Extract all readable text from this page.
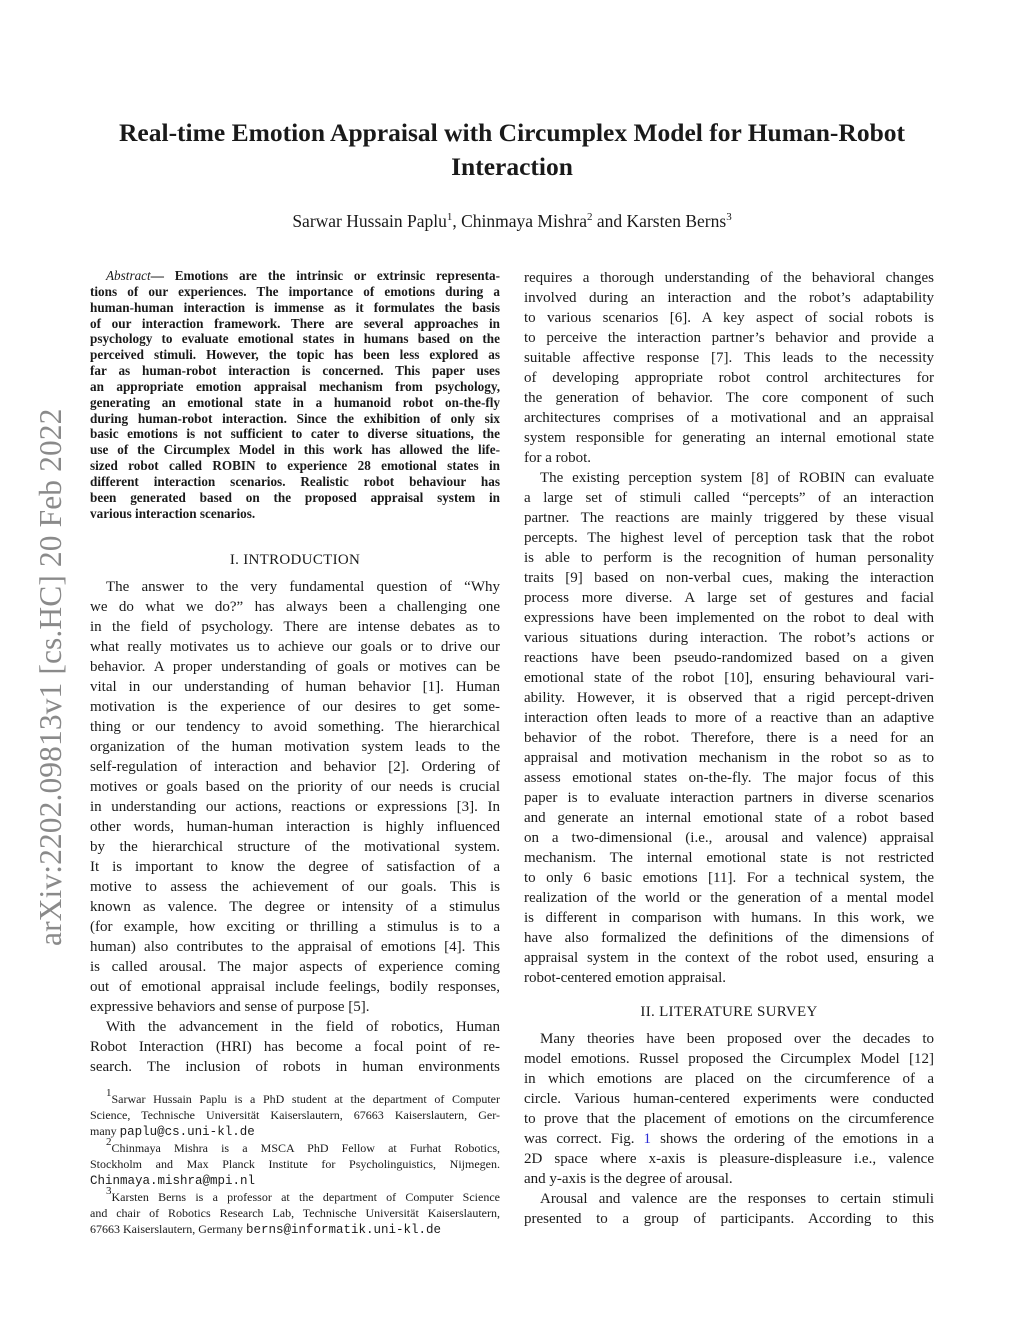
Real-time Emotion Appraisal with Circumplex Model for Human-Robot
Interaction
Sarwar Hussain Paplu$^1$, Chinmaya Mishra$^2$ and Karsten Berns$^3$
arXiv:2202.09813v1 [cs.HC] 20 Feb 2022
Abstract— Emotions are the intrinsic or extrinsic representa-
tions of our experiences. The importance of emotions during a
human-human interaction is immense as it formulates the basis
of our interaction framework. There are several approaches in
psychology to evaluate emotional states in humans based on the
perceived stimuli. However, the topic has been less explored as
far as human-robot interaction is concerned. This paper uses
an appropriate emotion appraisal mechanism from psychology,
generating an emotional state in a humanoid robot on-the-fly
during human-robot interaction. Since the exhibition of only six
basic emotions is not sufficient to cater to diverse situations, the
use of the Circumplex Model in this work has allowed the life-
sized robot called ROBIN to experience 28 emotional states in
different interaction scenarios. Realistic robot behaviour has
been generated based on the proposed appraisal system in
various interaction scenarios.
I. INTRODUCTION
The answer to the very fundamental question of “Why
we do what we do?” has always been a challenging one
in the field of psychology. There are intense debates as to
what really motivates us to achieve our goals or to drive our
behavior. A proper understanding of goals or motives can be
vital in our understanding of human behavior [1]. Human
motivation is the experience of our desires to get some-
thing or our tendency to avoid something. The hierarchical
organization of the human motivation system leads to the
self-regulation of interaction and behavior [2]. Ordering of
motives or goals based on the priority of our needs is crucial
in understanding our actions, reactions or expressions [3]. In
other words, human-human interaction is highly influenced
by the hierarchical structure of the motivational system.
It is important to know the degree of satisfaction of a
motive to assess the achievement of our goals. This is
known as valence. The degree or intensity of a stimulus
(for example, how exciting or thrilling a stimulus is to a
human) also contributes to the appraisal of emotions [4]. This
is called arousal. The major aspects of experience coming
out of emotional appraisal include feelings, bodily responses,
expressive behaviors and sense of purpose [5].
With the advancement in the field of robotics, Human
Robot Interaction (HRI) has become a focal point of re-
search. The inclusion of robots in human environments
$^1$Sarwar Hussain Paplu is a PhD student at the department of Computer
Science, Technische Universität Kaiserslautern, 67663 Kaiserslautern, Ger-
many paplu@cs.uni-kl.de
$^2$Chinmaya Mishra is a MSCA PhD Fellow at Furhat Robotics,
Stockholm and Max Planck Institute for Psycholinguistics, Nijmegen.
Chinmaya.mishra@mpi.nl
$^3$Karsten Berns is a professor at the department of Computer Science
and chair of Robotics Research Lab, Technische Universität Kaiserslautern,
67663 Kaiserslautern, Germany berns@informatik.uni-kl.de
requires a thorough understanding of the behavioral changes
involved during an interaction and the robot’s adaptability
to various scenarios [6]. A key aspect of social robots is
to perceive the interaction partner’s behavior and provide a
suitable affective response [7]. This leads to the necessity
of developing appropriate robot control architectures for
the generation of behavior. The core component of such
architectures comprises of a motivational and an appraisal
system responsible for generating an internal emotional state
for a robot.
The existing perception system [8] of ROBIN can evaluate
a large set of stimuli called “percepts” of an interaction
partner. The reactions are mainly triggered by these visual
percepts. The highest level of perception task that the robot
is able to perform is the recognition of human personality
traits [9] based on non-verbal cues, making the interaction
process more diverse. A large set of gestures and facial
expressions have been implemented on the robot to deal with
various situations during interaction. The robot’s actions or
reactions have been pseudo-randomized based on a given
emotional state of the robot [10], ensuring behavioural vari-
ability. However, it is observed that a rigid percept-driven
interaction often leads to more of a reactive than an adaptive
behavior of the robot. Therefore, there is a need for an
appraisal and motivation mechanism in the robot so as to
assess emotional states on-the-fly. The major focus of this
paper is to evaluate interaction partners in diverse scenarios
and generate an internal emotional state of a robot based
on a two-dimensional (i.e., arousal and valence) appraisal
mechanism. The internal emotional state is not restricted
to only 6 basic emotions [11]. For a technical system, the
realization of the world or the generation of a mental model
is different in comparison with humans. In this work, we
have also formalized the definitions of the dimensions of
appraisal system in the context of the robot used, ensuring a
robot-centered emotion appraisal.
II. LITERATURE SURVEY
Many theories have been proposed over the decades to
model emotions. Russel proposed the Circumplex Model [12]
in which emotions are placed on the circumference of a
circle. Various human-centered experiments were conducted
to prove that the placement of emotions on the circumference
was correct. Fig. 1 shows the ordering of the emotions in a
2D space where x-axis is pleasure-displeasure i.e., valence
and y-axis is the degree of arousal.
Arousal and valence are the responses to certain stimuli
presented to a group of participants. According to this
